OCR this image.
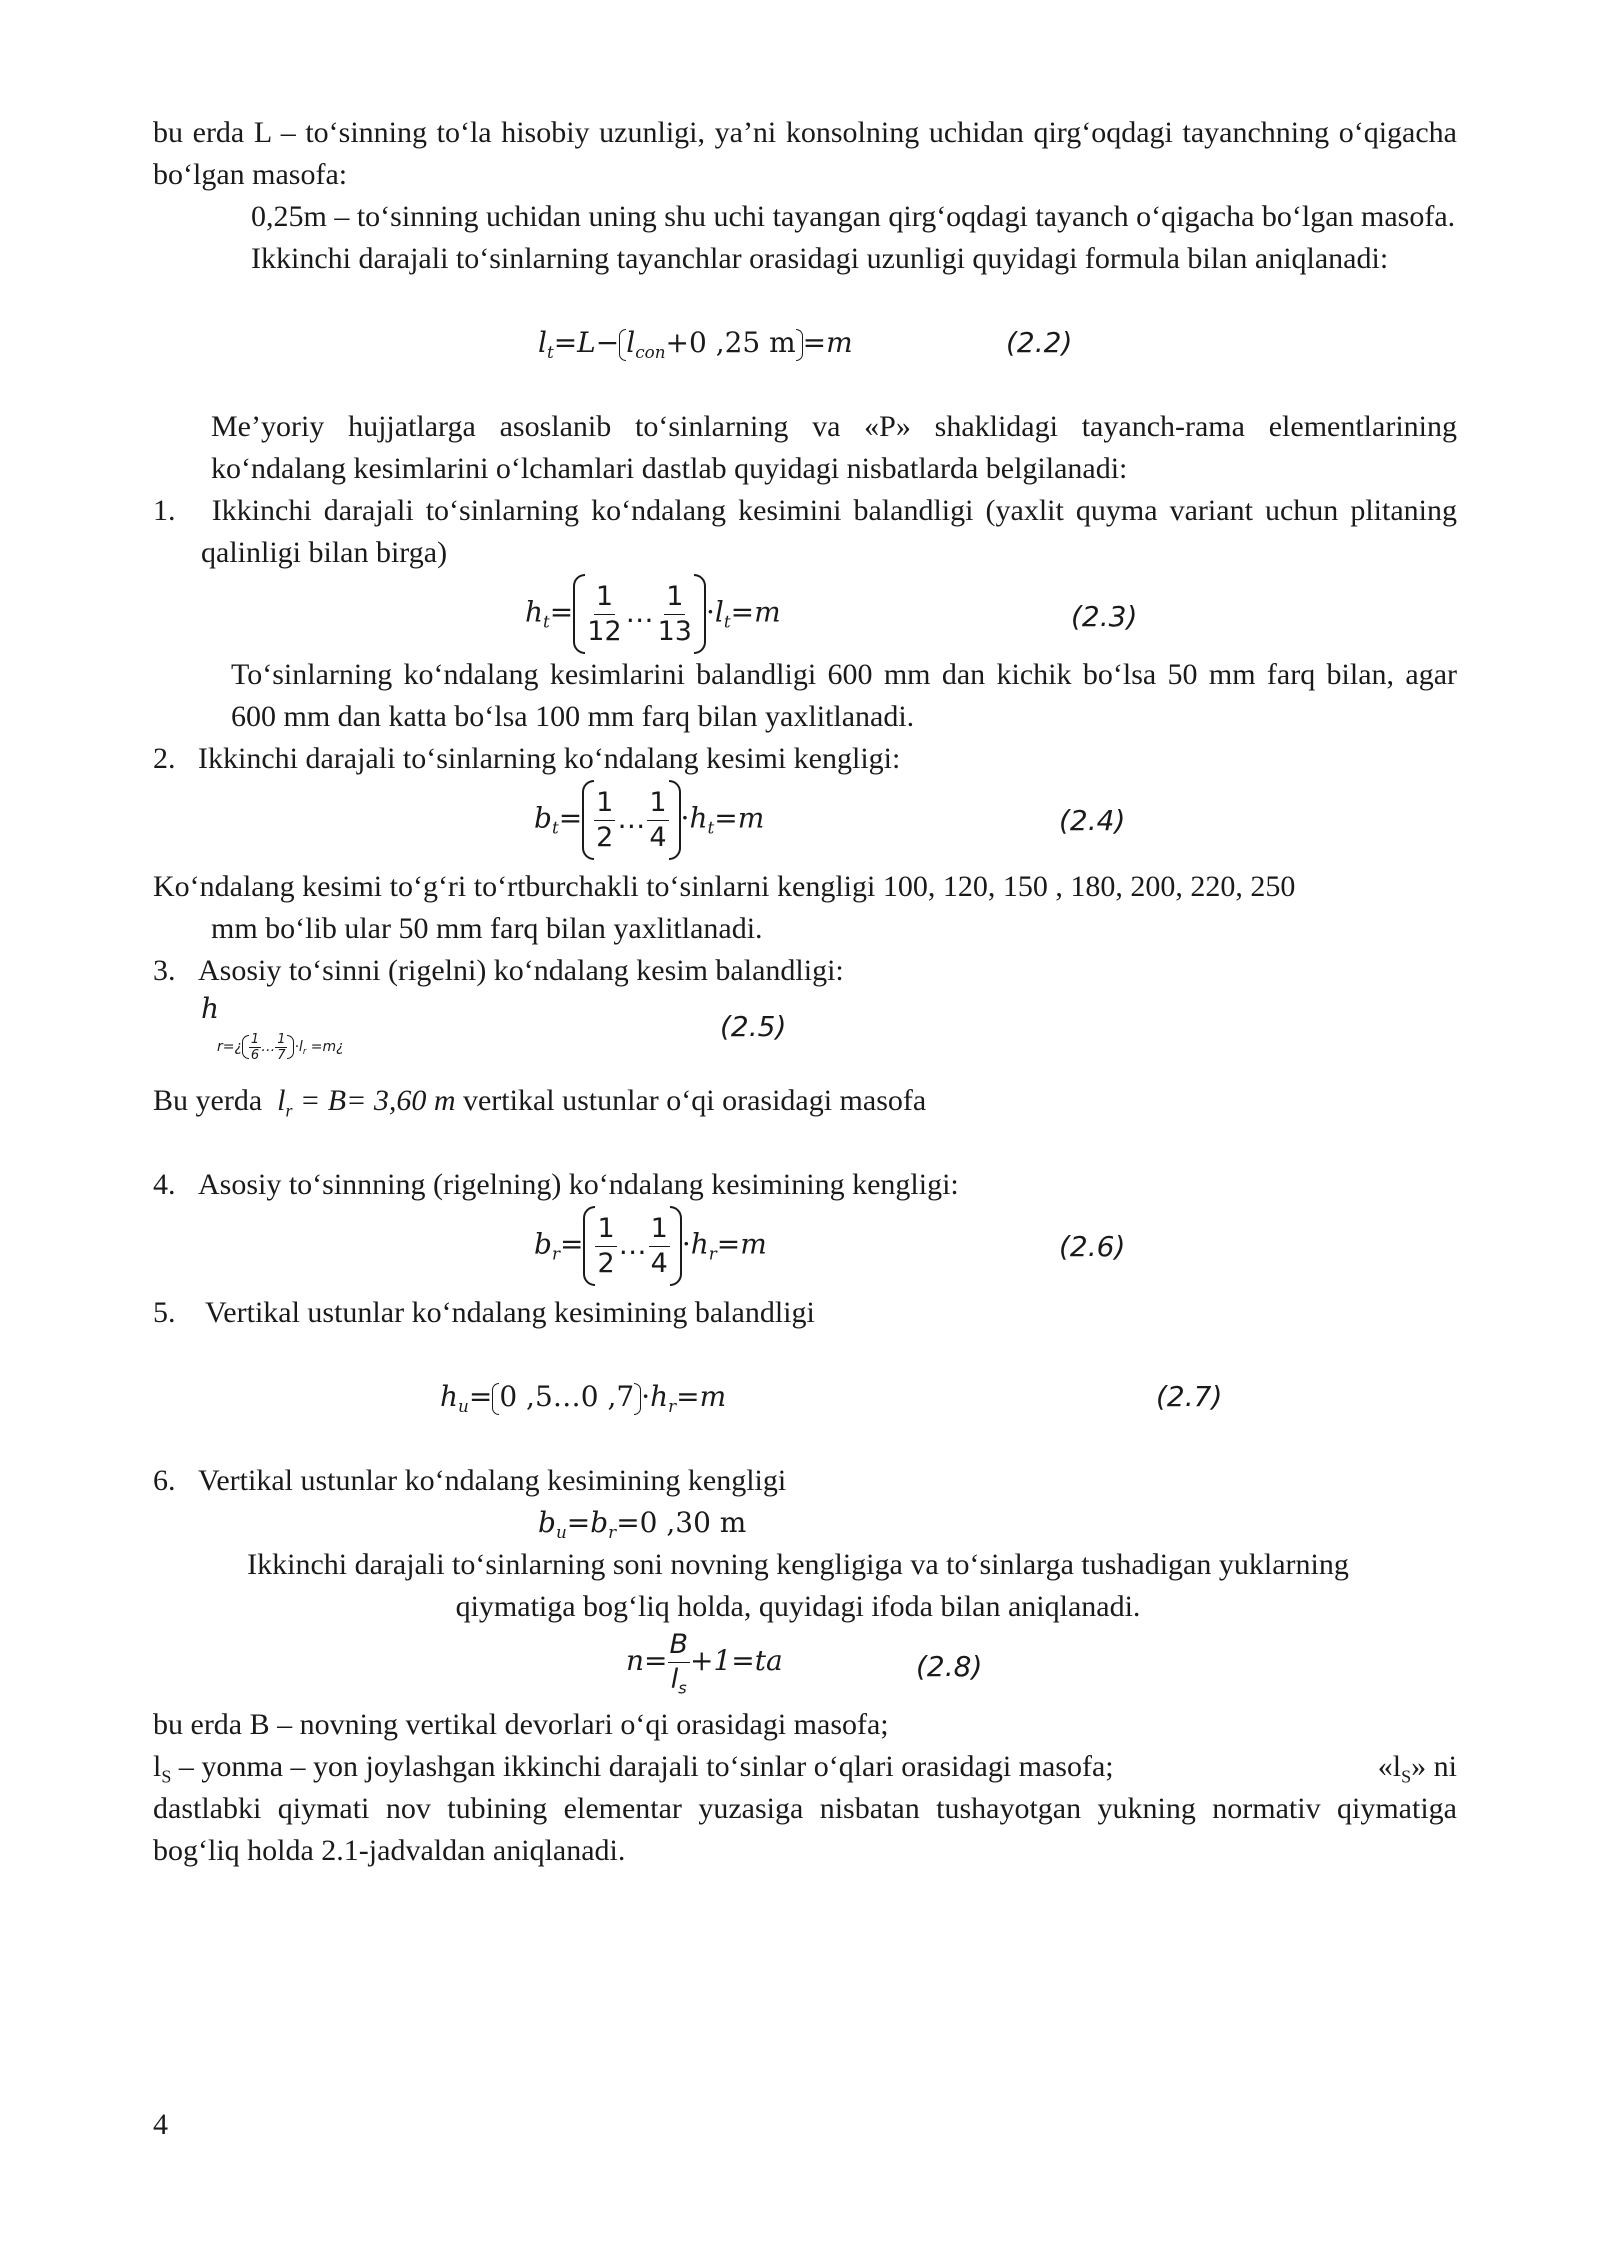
bu erda L – to‘sinning to‘la hisobiy uzunligi, ya’ni konsolning uchidan qirg‘oqdagi tayanchning o‘qigacha bo‘lgan masofa:

0,25m – to‘sinning uchidan uning shu uchi tayangan qirg‘oqdagi tayanch o‘qigacha bo‘lgan masofa.

Ikkinchi darajali to‘sinlarning tayanchlar orasidagi uzunligi quyidagi formula bilan aniqlanadi:

$l_t=L- l_{con}+0$ ,25 m =m	(2.2)

Me’yoriy hujjatlarga asoslanib to‘sinlarning va «P» shaklidagi tayanch-rama elementlarining ko‘ndalang kesimlarini o‘lchamlari dastlab quyidagi nisbatlarda belgilanadi:

1. Ikkinchi darajali to‘sinlarning ko‘ndalang kesimini balandligi (yaxlit quyma variant uchun plitaning qalinligi bilan birga)

$h_t= \frac{1}{12}$ … $\frac{1}{13} \cdot l_t=m$	(2.3)

To‘sinlarning ko‘ndalang kesimlarini balandligi 600 mm dan kichik bo‘lsa 50 mm farq bilan, agar 600 mm dan katta bo‘lsa 100 mm farq bilan yaxlitlanadi.

2. Ikkinchi darajali to‘sinlarning ko‘ndalang kesimi kengligi:

$b_t= \frac{1}{2}$ … $\frac{1}{4} \cdot h_t=m$	(2.4)

Ko‘ndalang kesimi to‘g‘ri to‘rtburchakli to‘sinlarni kengligi 100, 120, 150 , 180, 200, 220, 250

mm bo‘lib ular 50 mm farq bilan yaxlitlanadi.

3. Asosiy to‘sinni (rigelni) ko‘ndalang kesim balandligi:

h
r=¿ $\frac{1}{6}$ … $\frac{1}{7} \cdot l_r$ =m¿
(2.5)

Bu yerda  $l_r = B= 3,60$ m vertikal ustunlar o‘qi orasidagi masofa

4. Asosiy to‘sinnning (rigelning) ko‘ndalang kesimining kengligi:

$b_r= \frac{1}{2}$ … $\frac{1}{4} \cdot h_r=m$	(2.6)

5.    Vertikal ustunlar ko‘ndalang kesimining balandligi

$h_u= 0$ ,5…0 $,7 \cdot h_r=m$	(2.7)

6. Vertikal ustunlar ko‘ndalang kesimining kengligi

$b_u=b_r=0$ ,30 m

Ikkinchi darajali to‘sinlarning soni novning kengligiga va to‘sinlarga tushadigan yuklarning

qiymatiga bog‘liq holda, quyidagi ifoda bilan aniqlanadi.

$n= \frac{B}{l_s} +1=ta$	(2.8)

bu erda B – novning vertikal devorlari o‘qi orasidagi masofa;

$l_S$ – yonma – yon joylashgan ikkinchi darajali to‘sinlar o‘qlari orasidagi masofa;	«$l_S$» ni

dastlabki qiymati nov tubining elementar yuzasiga nisbatan tushayotgan yukning normativ qiymatiga bog‘liq holda 2.1-jadvaldan aniqlanadi.

4
